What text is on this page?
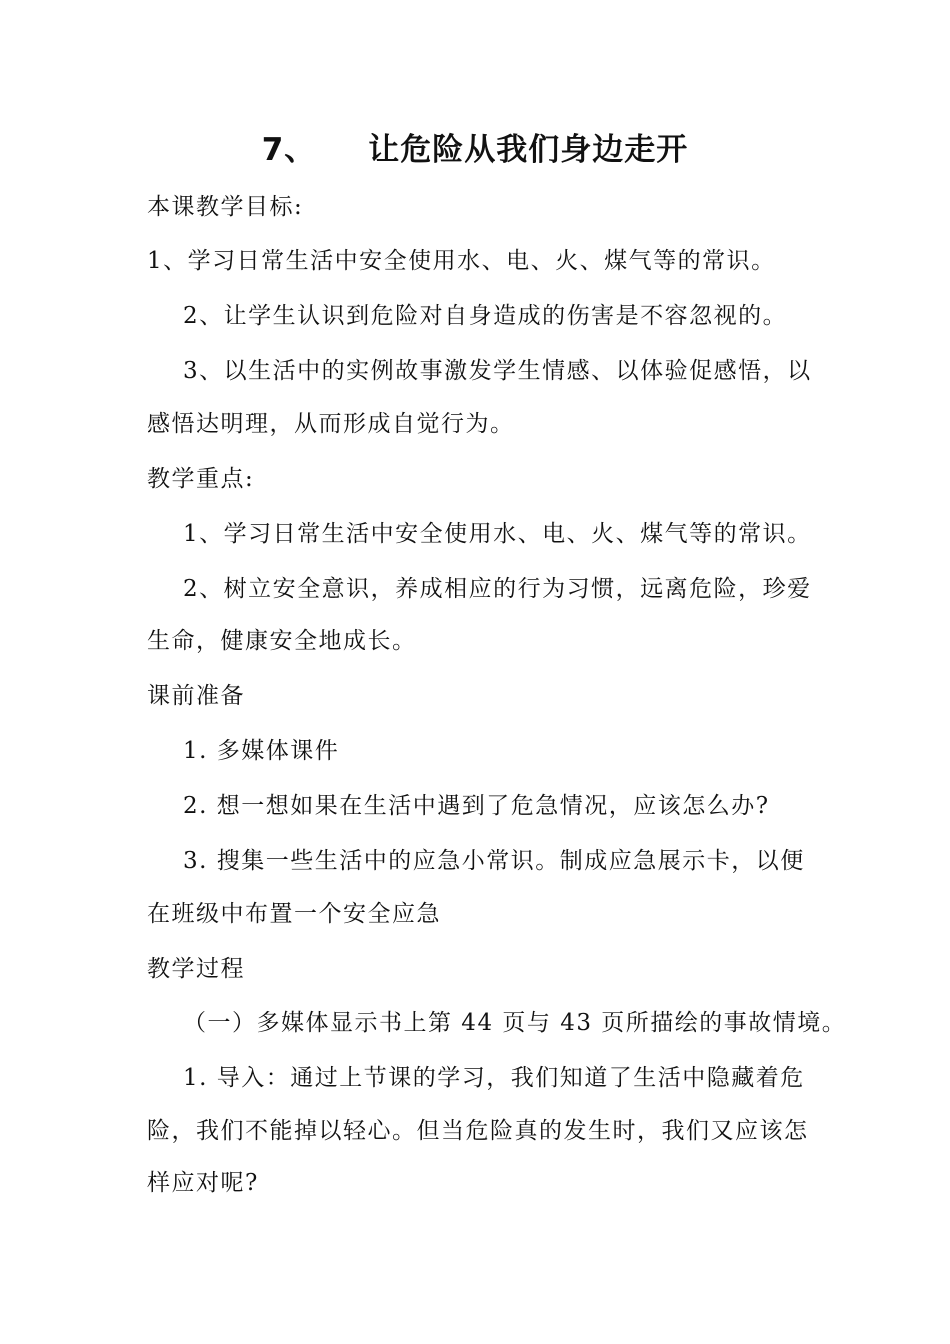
7、 让危险从我们身边走开
本课教学目标:
1、学习日常生活中安全使用水、电、火、煤气等的常识。
2、让学生认识到危险对自身造成的伤害是不容忽视的。
3、以生活中的实例故事激发学生情感、以体验促感悟，以
感悟达明理，从而形成自觉行为。
教学重点:
1、学习日常生活中安全使用水、电、火、煤气等的常识。
2、树立安全意识，养成相应的行为习惯，远离危险，珍爱
生命，健康安全地成长。
课前准备
1. 多媒体课件
2. 想一想如果在生活中遇到了危急情况，应该怎么办?
3. 搜集一些生活中的应急小常识。制成应急展示卡，以便
在班级中布置一个安全应急
教学过程
（一）多媒体显示书上第 44 页与 43 页所描绘的事故情境。
1. 导入：通过上节课的学习，我们知道了生活中隐藏着危
险，我们不能掉以轻心。但当危险真的发生时，我们又应该怎
样应对呢?
